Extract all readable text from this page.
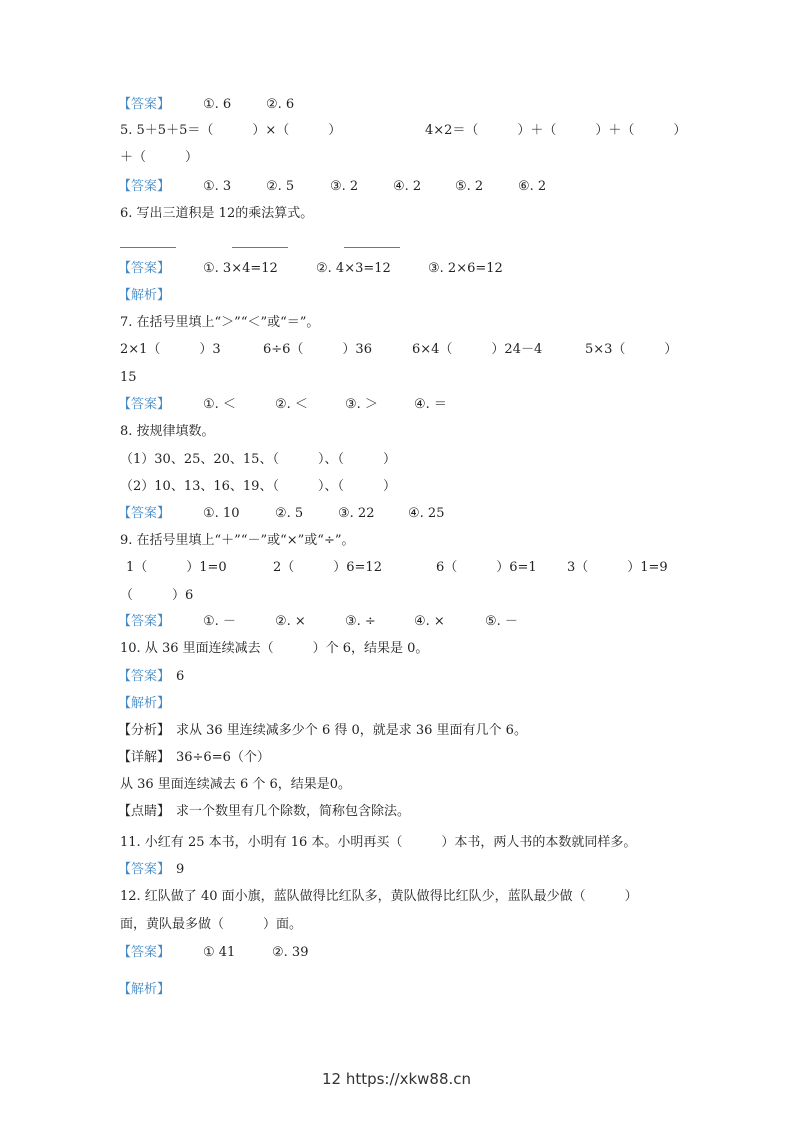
【答案】

	①. 6

	②. 6

5. 5＋5＋5＝（　　　）×（　　　）

	4×2＝（　　　）＋（　　　）＋（　　　）

＋（　　　）

【答案】

	①. 3

	②. 5

	③. 2

	④. 2

	⑤. 2

	⑥. 2

6. 写出三道积是 12的乘法算式。

【答案】

	①. 3×4=12

	②. 4×3=12

	③. 2×6=12

【解析】

7. 在括号里填上“＞”“＜”或“＝”。

2×1（　　　）3

	6÷6（　　　）36

	6×4（　　　）24－4

	5×3（　　　）

15

【答案】

	①. ＜

	②. ＜

	③. ＞

	④. ＝

8. 按规律填数。

（1）30、25、20、15、（　　　）、（　　　）

（2）10、13、16、19、（　　　）、（　　　）

【答案】

	①. 10

	②. 5

	③. 22

	④. 25

9. 在括号里填上“＋”“－”或“×”或“÷”。

1（　　　）1=0

	2（　　　）6=12

	6（　　　）6=1

3（　　　）1=9

（　　　）6

【答案】

	①. －

	②. ×

	③. ÷

	④. ×

	⑤. －

10. 从 36 里面连续减去（　　　）个 6，结果是 0。

【答案】

6

【解析】

【分析】

求从 36 里连续减多少个 6 得 0，就是求 36 里面有几个 6。

【详解】

36÷6=6（个）

从 36 里面连续减去 6 个 6，结果是0。

【点睛】

求一个数里有几个除数，简称包含除法。

11. 小红有 25 本书，小明有 16 本。小明再买（　　　）本书，两人书的本数就同样多。

【答案】

9

12. 红队做了 40 面小旗，蓝队做得比红队多，黄队做得比红队少，蓝队最少做（　　　）

面，黄队最多做（　　　）面。

【答案】

	① 41

	②. 39

【解析】

12 https://xkw88.cn
